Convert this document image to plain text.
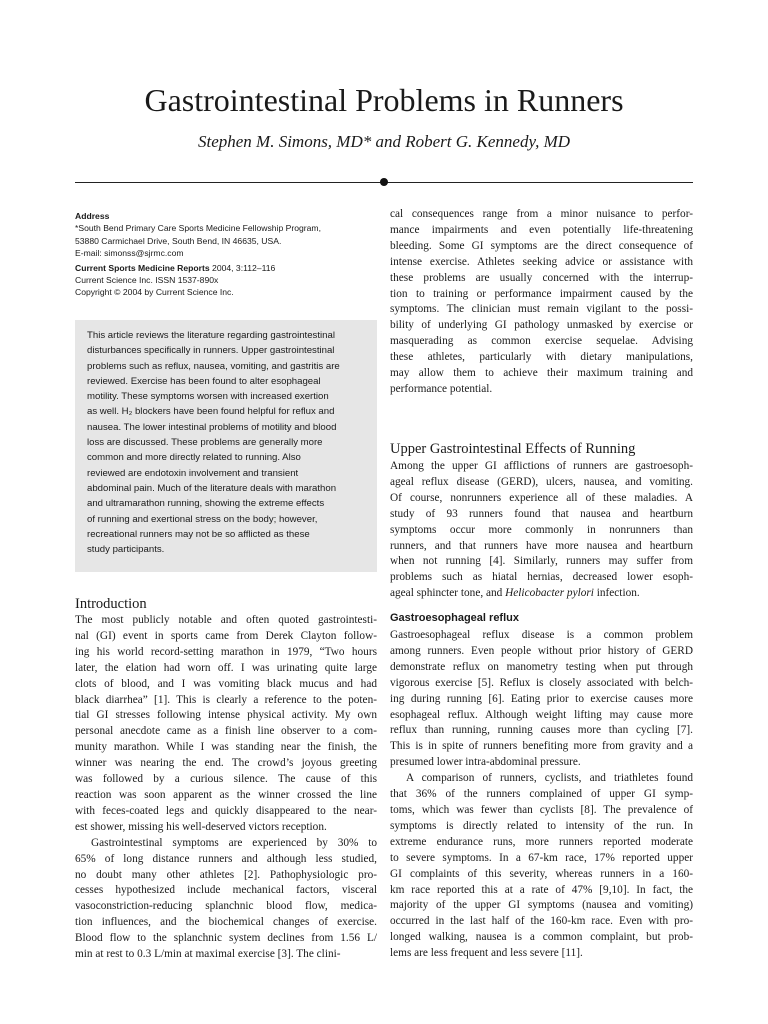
Gastrointestinal Problems in Runners
Stephen M. Simons, MD* and Robert G. Kennedy, MD
Address
*South Bend Primary Care Sports Medicine Fellowship Program,
53880 Carmichael Drive, South Bend, IN 46635, USA.
E-mail: simonss@sjrmc.com
Current Sports Medicine Reports 2004, 3:112–116
Current Science Inc. ISSN 1537-890x
Copyright © 2004 by Current Science Inc.
This article reviews the literature regarding gastrointestinal
disturbances specifically in runners. Upper gastrointestinal
problems such as reflux, nausea, vomiting, and gastritis are
reviewed. Exercise has been found to alter esophageal
motility. These symptoms worsen with increased exertion
as well. H₂ blockers have been found helpful for reflux and
nausea. The lower intestinal problems of motility and blood
loss are discussed. These problems are generally more
common and more directly related to running. Also
reviewed are endotoxin involvement and transient
abdominal pain. Much of the literature deals with marathon
and ultramarathon running, showing the extreme effects
of running and exertional stress on the body; however,
recreational runners may not be so afflicted as these
study participants.
Introduction
The most publicly notable and often quoted gastrointesti-
nal (GI) event in sports came from Derek Clayton follow-
ing his world record-setting marathon in 1979, “Two hours
later, the elation had worn off. I was urinating quite large
clots of blood, and I was vomiting black mucus and had
black diarrhea” [1]. This is clearly a reference to the poten-
tial GI stresses following intense physical activity. My own
personal anecdote came as a finish line observer to a com-
munity marathon. While I was standing near the finish, the
winner was nearing the end. The crowd’s joyous greeting
was followed by a curious silence. The cause of this
reaction was soon apparent as the winner crossed the line
with feces-coated legs and quickly disappeared to the near-
est shower, missing his well-deserved victors reception.
Gastrointestinal symptoms are experienced by 30% to
65% of long distance runners and although less studied,
no doubt many other athletes [2]. Pathophysiologic pro-
cesses hypothesized include mechanical factors, visceral
vasoconstriction-reducing splanchnic blood flow, medica-
tion influences, and the biochemical changes of exercise.
Blood flow to the splanchnic system declines from 1.56 L/
min at rest to 0.3 L/min at maximal exercise [3]. The clini-
cal consequences range from a minor nuisance to perfor-
mance impairments and even potentially life-threatening
bleeding. Some GI symptoms are the direct consequence of
intense exercise. Athletes seeking advice or assistance with
these problems are usually concerned with the interrup-
tion to training or performance impairment caused by the
symptoms. The clinician must remain vigilant to the possi-
bility of underlying GI pathology unmasked by exercise or
masquerading as common exercise sequelae. Advising
these athletes, particularly with dietary manipulations,
may allow them to achieve their maximum training and
performance potential.
Upper Gastrointestinal Effects of Running
Among the upper GI afflictions of runners are gastroesoph-
ageal reflux disease (GERD), ulcers, nausea, and vomiting.
Of course, nonrunners experience all of these maladies. A
study of 93 runners found that nausea and heartburn
symptoms occur more commonly in nonrunners than
runners, and that runners have more nausea and heartburn
when not running [4]. Similarly, runners may suffer from
problems such as hiatal hernias, decreased lower esoph-
ageal sphincter tone, and Helicobacter pylori infection.
Gastroesophageal reflux
Gastroesophageal reflux disease is a common problem
among runners. Even people without prior history of GERD
demonstrate reflux on manometry testing when put through
vigorous exercise [5]. Reflux is closely associated with belch-
ing during running [6]. Eating prior to exercise causes more
esophageal reflux. Although weight lifting may cause more
reflux than running, running causes more than cycling [7].
This is in spite of runners benefiting more from gravity and a
presumed lower intra-abdominal pressure.
A comparison of runners, cyclists, and triathletes found
that 36% of the runners complained of upper GI symp-
toms, which was fewer than cyclists [8]. The prevalence of
symptoms is directly related to intensity of the run. In
extreme endurance runs, more runners reported moderate
to severe symptoms. In a 67-km race, 17% reported upper
GI complaints of this severity, whereas runners in a 160-
km race reported this at a rate of 47% [9,10]. In fact, the
majority of the upper GI symptoms (nausea and vomiting)
occurred in the last half of the 160-km race. Even with pro-
longed walking, nausea is a common complaint, but prob-
lems are less frequent and less severe [11].
